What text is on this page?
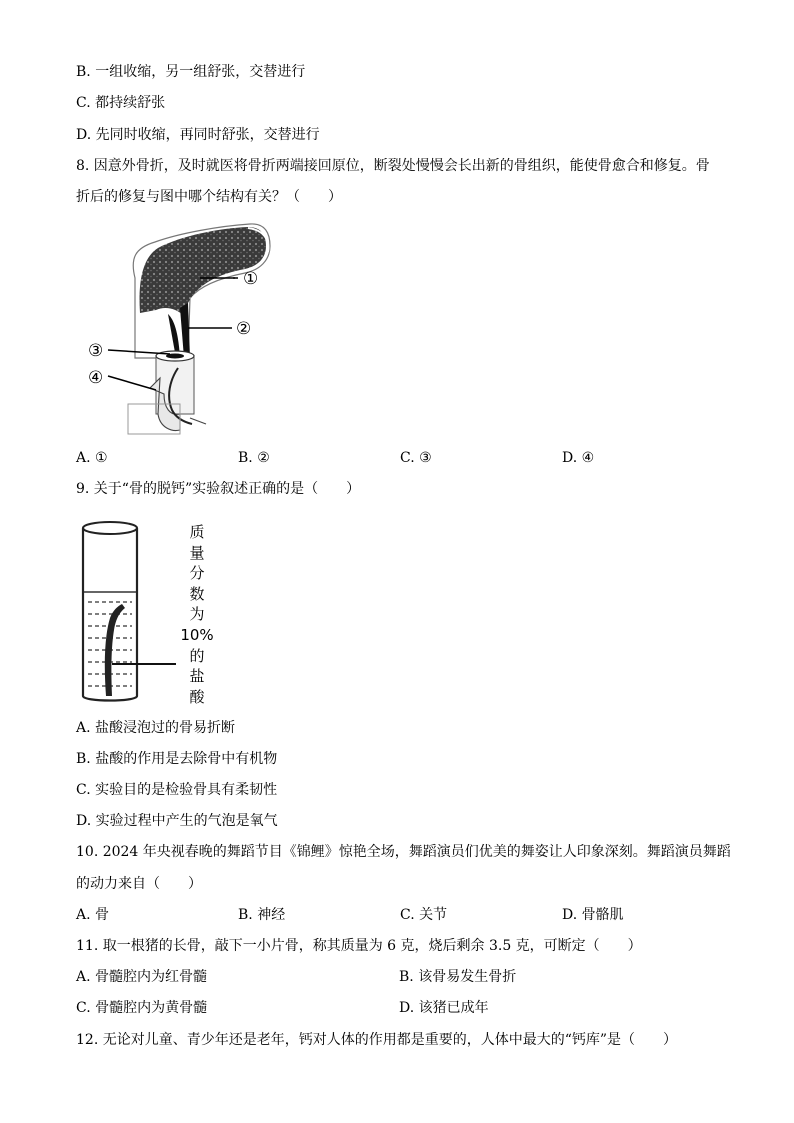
B. 一组收缩，另一组舒张，交替进行
C. 都持续舒张
D. 先同时收缩，再同时舒张，交替进行
8. 因意外骨折，及时就医将骨折两端接回原位，断裂处慢慢会长出新的骨组织，能使骨愈合和修复。骨
折后的修复与图中哪个结构有关？（　　）
①
②
③
④
A. ①	B. ②	C. ③	D. ④
9. 关于“骨的脱钙”实验叙述正确的是（　　）
质
量
分
数
为
10%
的
盐
酸
A. 盐酸浸泡过的骨易折断
B. 盐酸的作用是去除骨中有机物
C. 实验目的是检验骨具有柔韧性
D. 实验过程中产生的气泡是氧气
10. 2024 年央视春晚的舞蹈节目《锦鲤》惊艳全场，舞蹈演员们优美的舞姿让人印象深刻。舞蹈演员舞蹈
的动力来自（　　）
A. 骨	B. 神经	C. 关节	D. 骨骼肌
11. 取一根猪的长骨，敲下一小片骨，称其质量为 6 克，烧后剩余 3.5 克，可断定（　　）
A. 骨髓腔内为红骨髓	B. 该骨易发生骨折
C. 骨髓腔内为黄骨髓	D. 该猪已成年
12. 无论对儿童、青少年还是老年，钙对人体的作用都是重要的，人体中最大的“钙库”是（　　）
